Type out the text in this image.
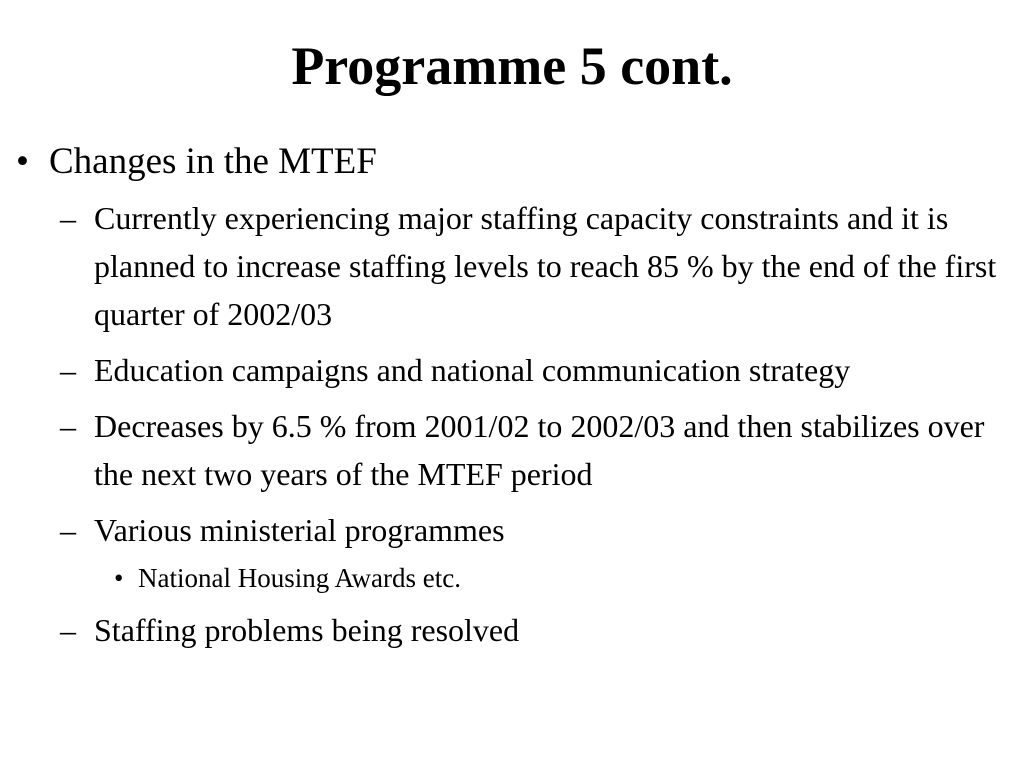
Programme 5 cont.
• Changes in the MTEF
– Currently experiencing major staffing capacity constraints and it is planned to increase staffing levels to reach 85 % by the end of the first quarter of 2002/03
– Education campaigns and national communication strategy
– Decreases by 6.5 % from 2001/02 to 2002/03 and then stabilizes over the next two years of the MTEF period
– Various ministerial programmes
• National Housing Awards etc.
– Staffing problems being resolved
